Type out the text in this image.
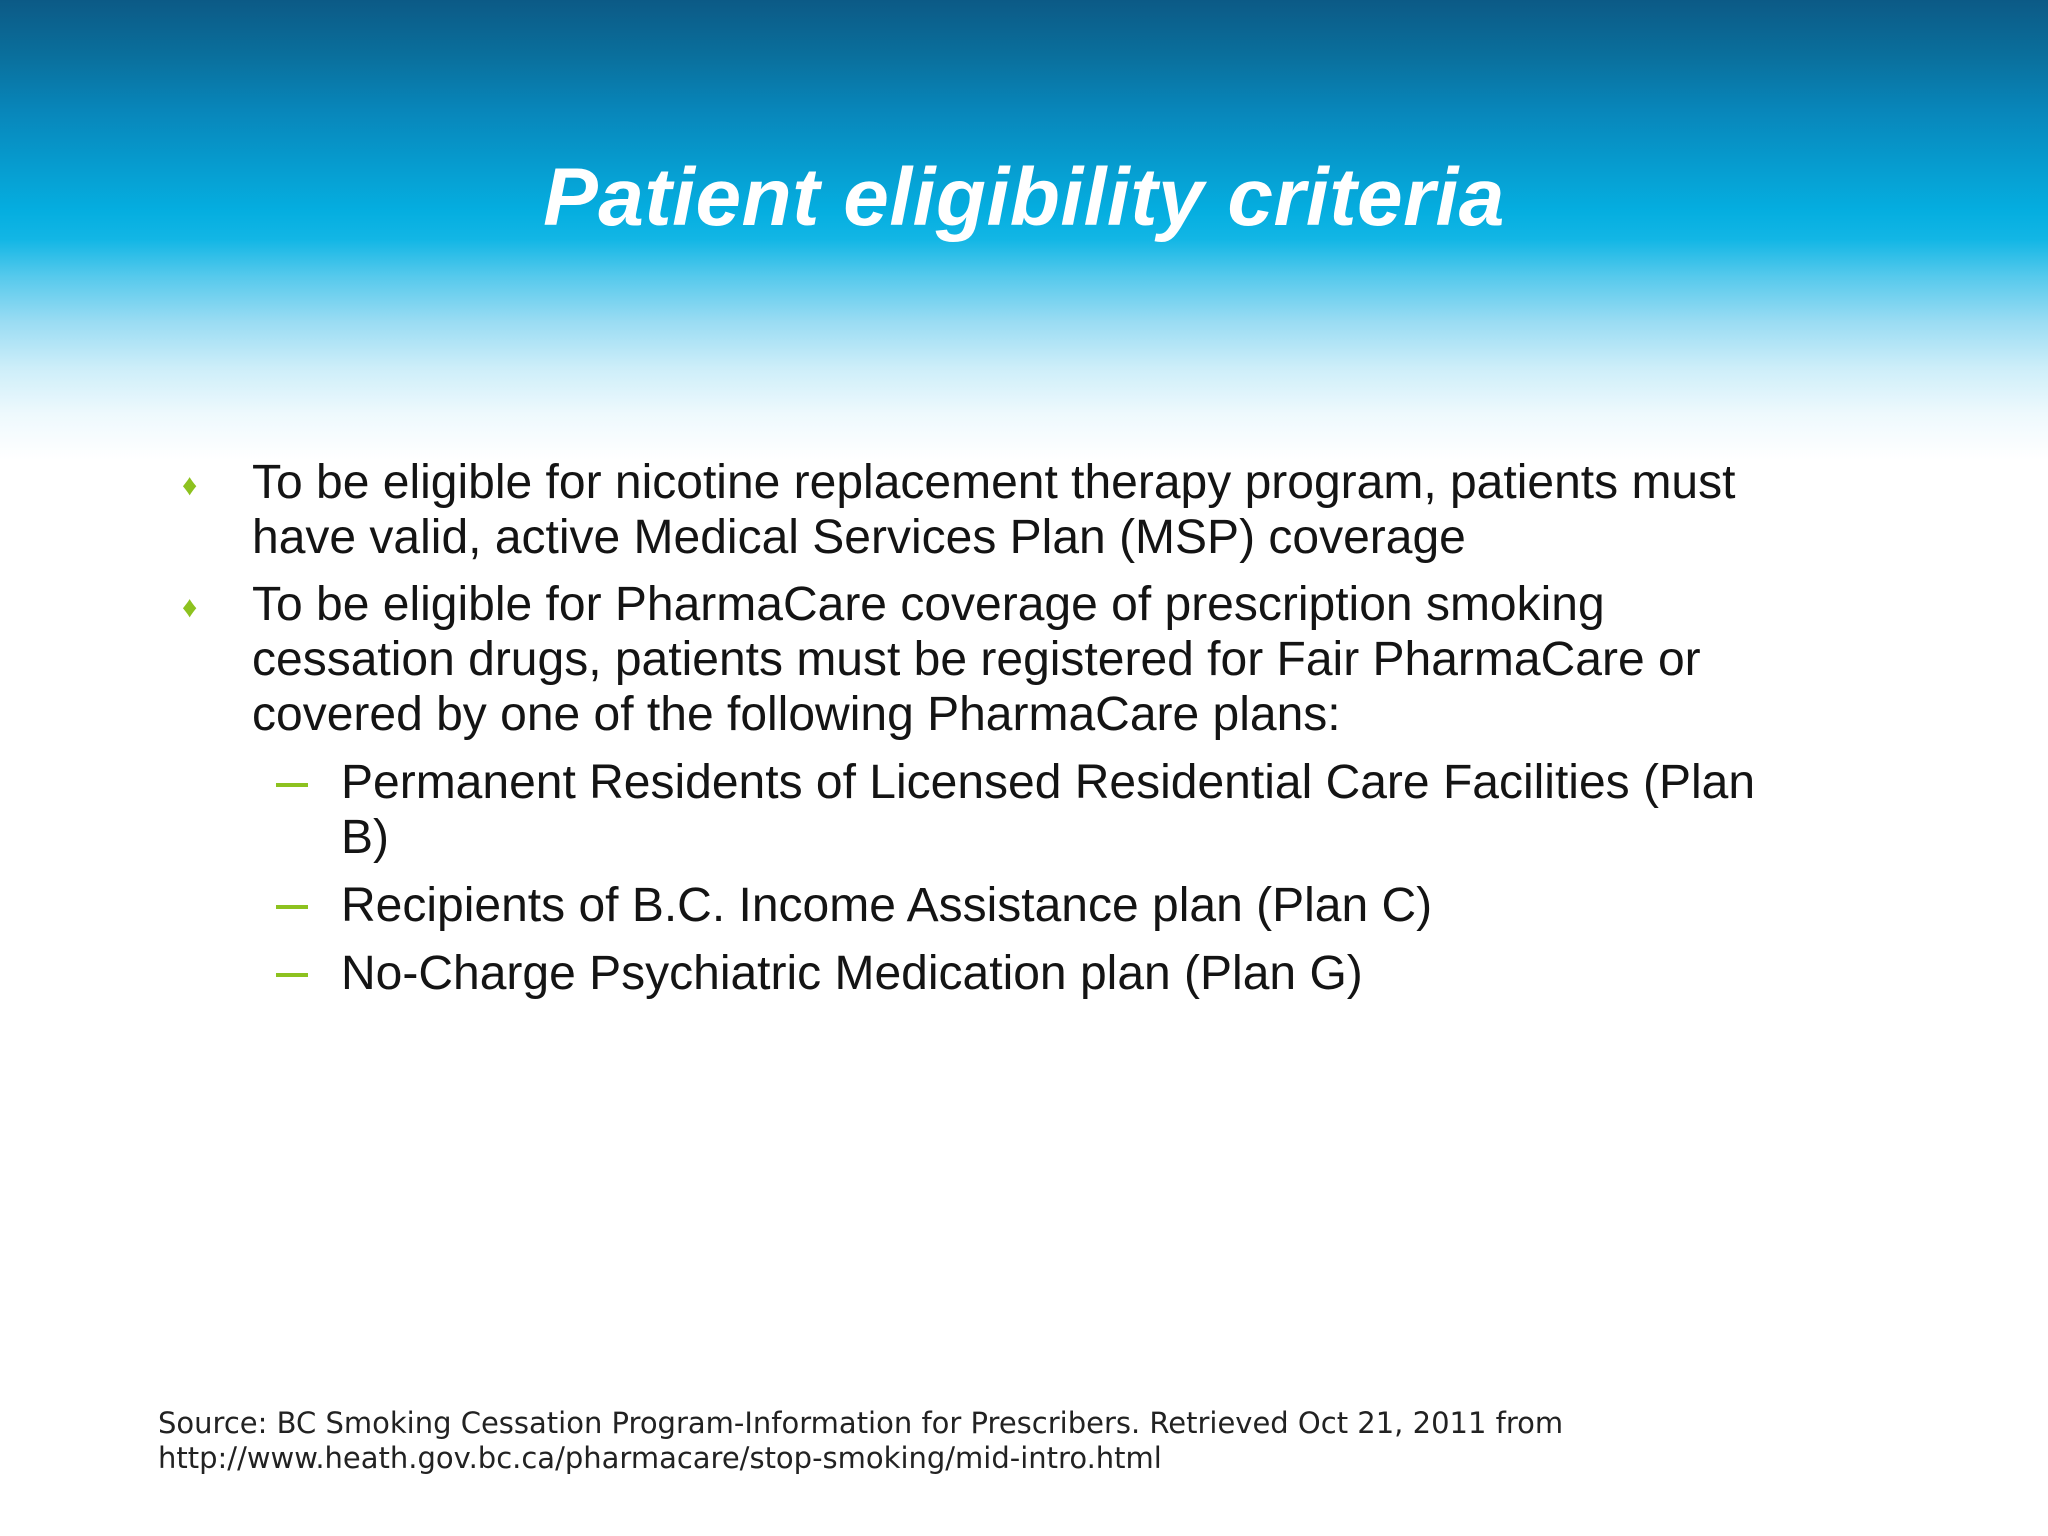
Patient eligibility criteria
♦ To be eligible for nicotine replacement therapy program, patients must
have valid, active Medical Services Plan (MSP) coverage
♦ To be eligible for PharmaCare coverage of prescription smoking
cessation drugs, patients must be registered for Fair PharmaCare or
covered by one of the following PharmaCare plans:
Permanent Residents of Licensed Residential Care Facilities (Plan
B)
Recipients of B.C. Income Assistance plan (Plan C)
No-Charge Psychiatric Medication plan (Plan G)
Source: BC Smoking Cessation Program-Information for Prescribers. Retrieved Oct 21, 2011 from
http://www.heath.gov.bc.ca/pharmacare/stop-smoking/mid-intro.html
